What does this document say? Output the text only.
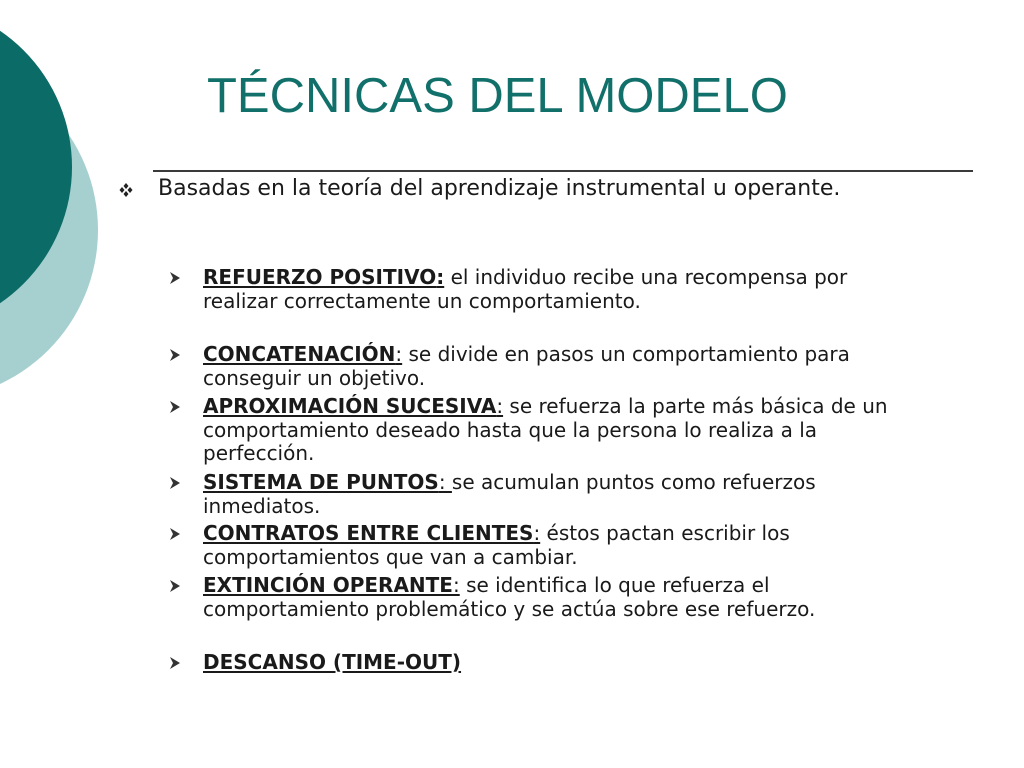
TÉCNICAS DEL MODELO
Basadas en la teoría del aprendizaje instrumental u operante.
REFUERZO POSITIVO: el individuo recibe una recompensa por realizar correctamente un comportamiento.
CONCATENACIÓN: se divide en pasos un comportamiento para conseguir un objetivo.
APROXIMACIÓN SUCESIVA: se refuerza la parte más básica de un comportamiento deseado hasta que la persona lo realiza a la perfección.
SISTEMA DE PUNTOS: se acumulan puntos como refuerzos inmediatos.
CONTRATOS ENTRE CLIENTES: éstos pactan escribir los comportamientos que van a cambiar.
EXTINCIÓN OPERANTE: se identifica lo que refuerza el comportamiento problemático y se actúa sobre ese refuerzo.
DESCANSO (TIME-OUT)
